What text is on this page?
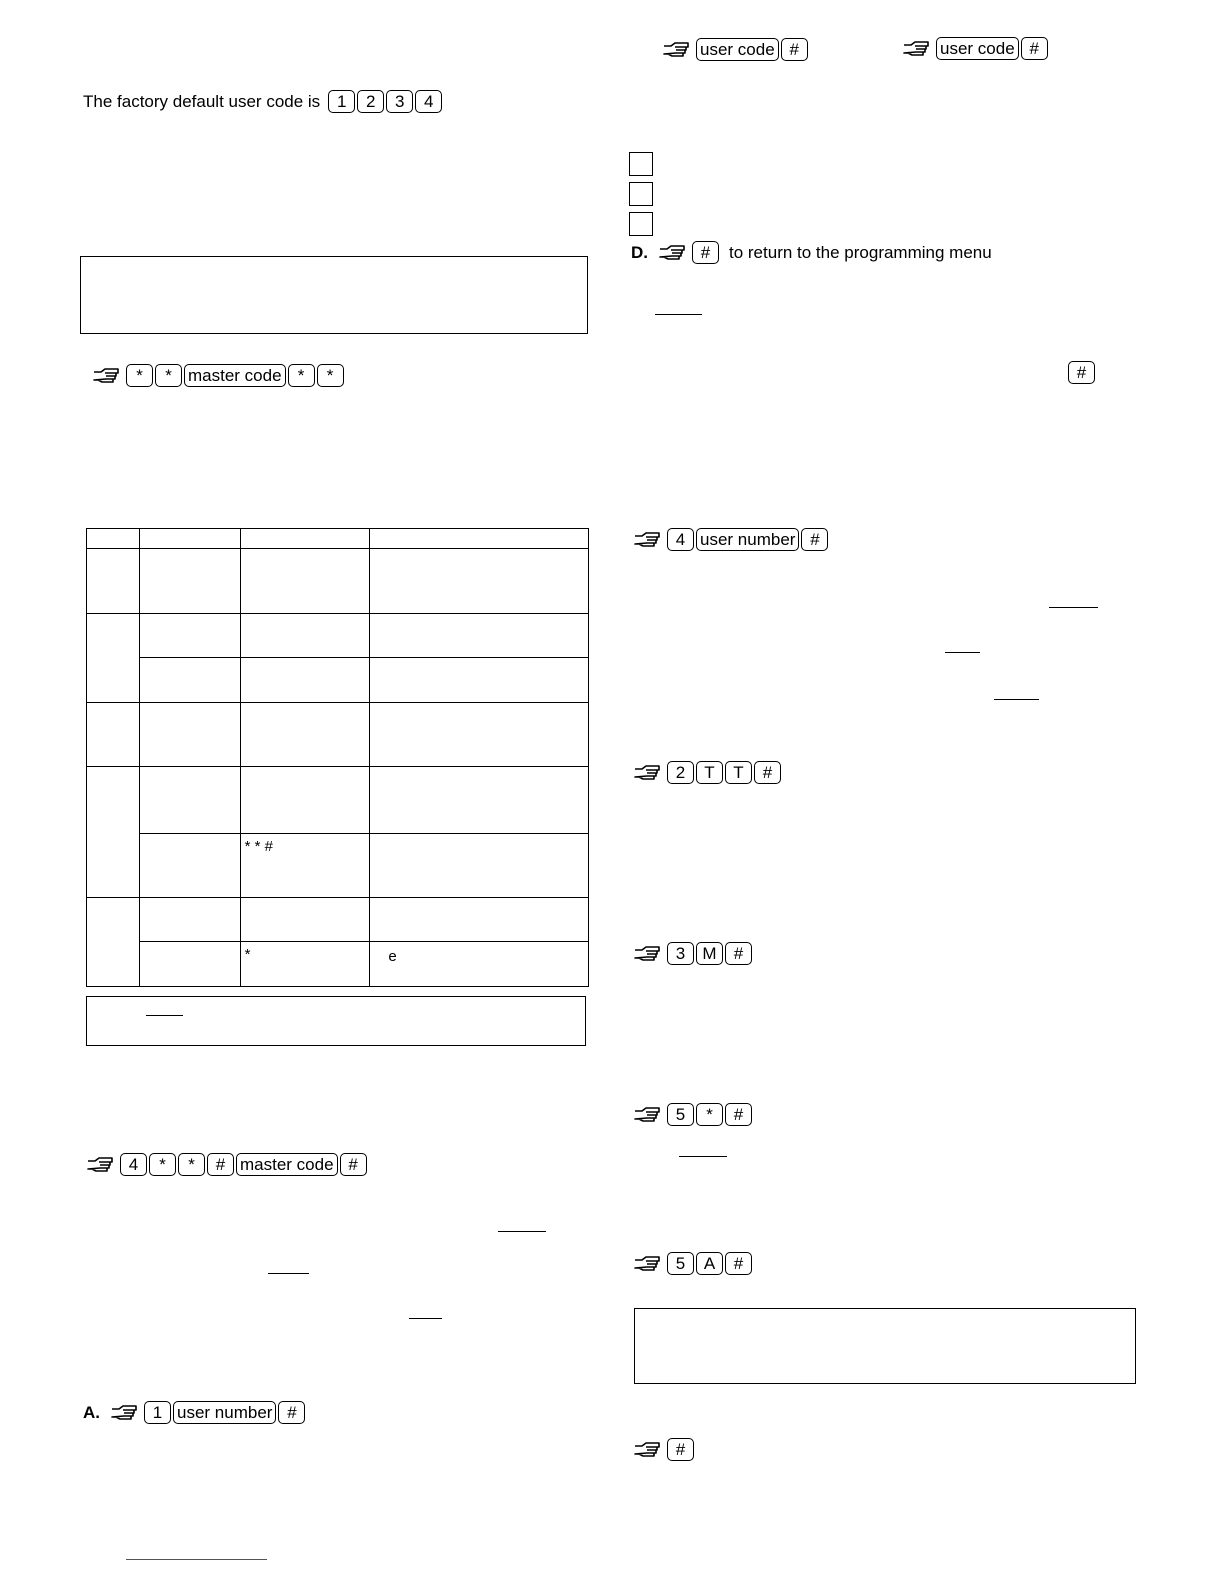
The factory default user code is 1	2	3	4
*	* master code *	*

		* * #	

		*	e
4	*	*	# master code #
A.	1 user number #
user code #	user code #
D.	#	to return to the programming menu
#
4 user number #
2	T	T	#
3	M	#
5	*	#
5	A	#
#
